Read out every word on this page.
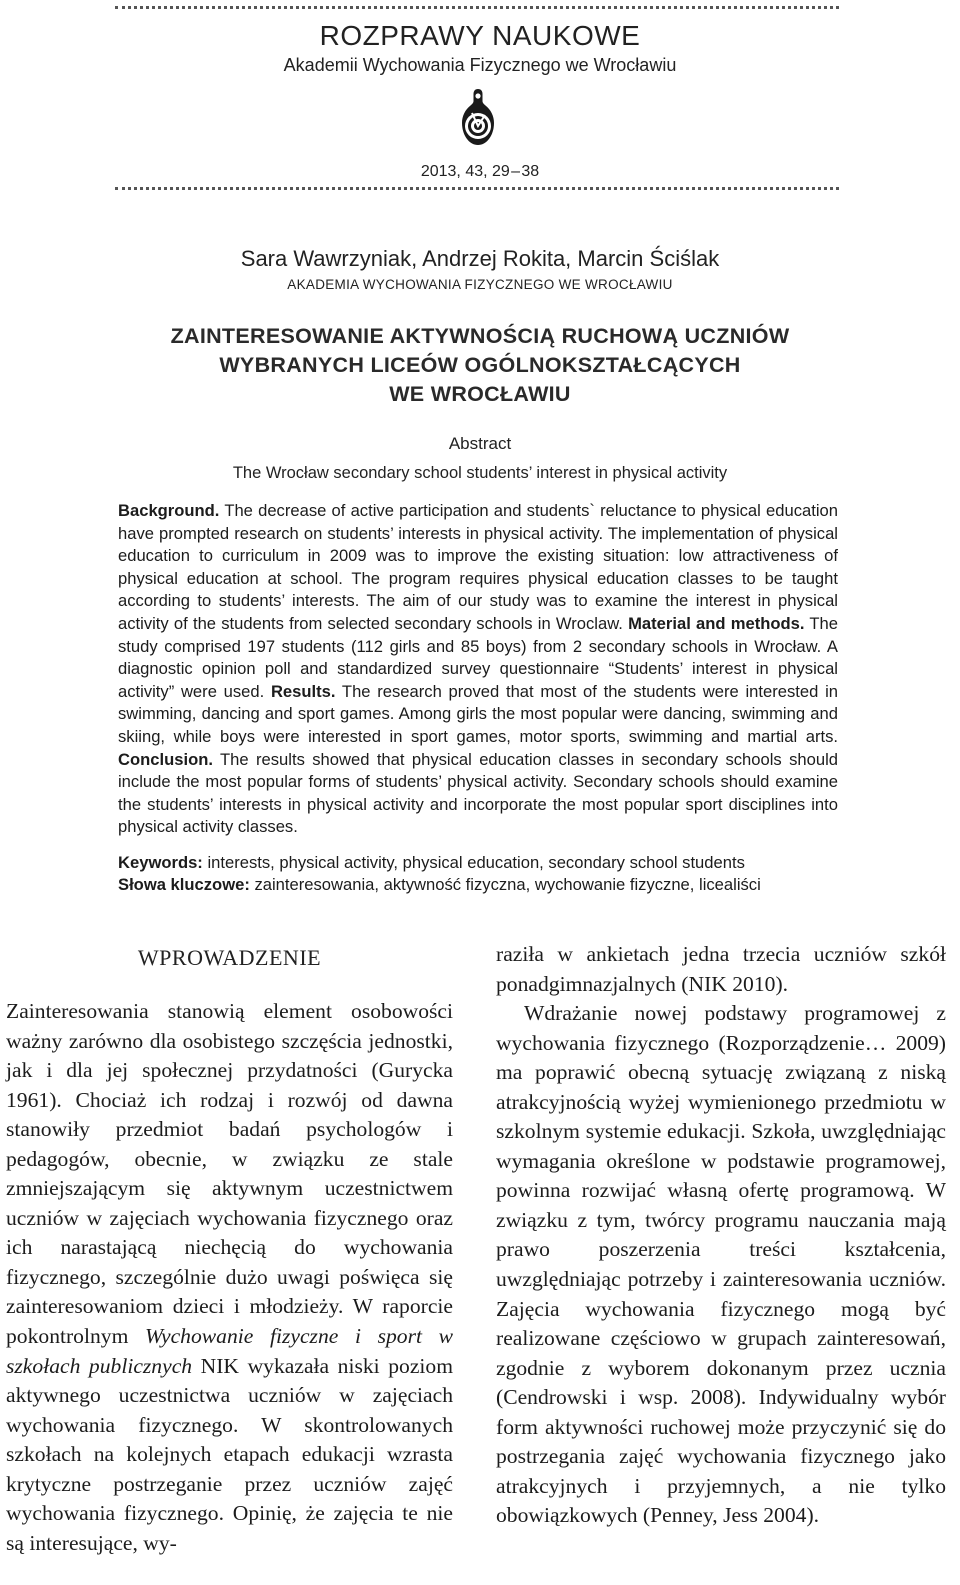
ROZPRAWY NAUKOWE
Akademii Wychowania Fizycznego we Wrocławiu
2013, 43, 29 – 38
Sara Wawrzyniak, Andrzej Rokita, Marcin Ściślak
AKADEMIA WYCHOWANIA FIZYCZNEGO WE WROCŁAWIU
ZAINTERESOWANIE AKTYWNOŚCIĄ RUCHOWĄ UCZNIÓW
WYBRANYCH LICEÓW OGÓLNOKSZTAŁCĄCYCH
WE WROCŁAWIU
Abstract
The Wrocław secondary school students’ interest in physical activity
Background. The decrease of active participation and students` reluctance to physical education have prompted research on students’ interests in physical activity. The implementation of physical education to curriculum in 2009 was to improve the existing situation: low attractiveness of physical education at school. The program requires physical education classes to be taught according to students’ interests. The aim of our study was to examine the interest in physical activity of the students from selected secondary schools in Wroclaw. Material and methods. The study comprised 197 students (112 girls and 85 boys) from 2 secondary schools in Wrocław. A diagnostic opinion poll and standardized survey questionnaire “Students’ interest in physical activity” were used. Results. The research proved that most of the students were interested in swimming, dancing and sport games. Among girls the most popular were dancing, swimming and skiing, while boys were interested in sport games, motor sports, swimming and martial arts. Conclusion. The results showed that physical education classes in secondary schools should include the most popular forms of students’ physical activity. Secondary schools should examine the students’ interests in physical activity and incorporate the most popular sport disciplines into physical activity classes.
Keywords: interests, physical activity, physical education, secondary school students
Słowa kluczowe: zainteresowania, aktywność fizyczna, wychowanie fizyczne, licealiści
WPROWADZENIE

Zainteresowania stanowią element osobowości ważny zarówno dla osobistego szczęścia jednostki, jak i dla jej społecznej przydatności (Gurycka 1961). Chociaż ich rodzaj i rozwój od dawna stanowiły przedmiot badań psychologów i pedagogów, obecnie, w związku ze stale zmniejszającym się aktywnym uczestnictwem uczniów w zajęciach wychowania fizycznego oraz ich narastającą niechęcią do wychowania fizycznego, szczególnie dużo uwagi poświęca się zainteresowaniom dzieci i młodzieży. W raporcie pokontrolnym Wychowanie fizyczne i sport w szkołach publicznych NIK wykazała niski poziom aktywnego uczestnictwa uczniów w zajęciach wychowania fizycznego. W skontrolowanych szkołach na kolejnych etapach edukacji wzrasta krytyczne postrzeganie przez uczniów zajęć wychowania fizycznego. Opinię, że zajęcia te nie są interesujące, wy-

raziła w ankietach jedna trzecia uczniów szkół ponadgimnazjalnych (NIK 2010).

Wdrażanie nowej podstawy programowej z wychowania fizycznego (Rozporządzenie… 2009) ma poprawić obecną sytuację związaną z niską atrakcyjnością wyżej wymienionego przedmiotu w szkolnym systemie edukacji. Szkoła, uwzględniając wymagania określone w podstawie programowej, powinna rozwijać własną ofertę programową. W związku z tym, twórcy programu nauczania mają prawo poszerzenia treści kształcenia, uwzględniając potrzeby i zainteresowania uczniów. Zajęcia wychowania fizycznego mogą być realizowane częściowo w grupach zainteresowań, zgodnie z wyborem dokonanym przez ucznia (Cendrowski i wsp. 2008). Indywidualny wybór form aktywności ruchowej może przyczynić się do postrzegania zajęć wychowania fizycznego jako atrakcyjnych i przyjemnych, a nie tylko obowiązkowych (Penney, Jess 2004).
